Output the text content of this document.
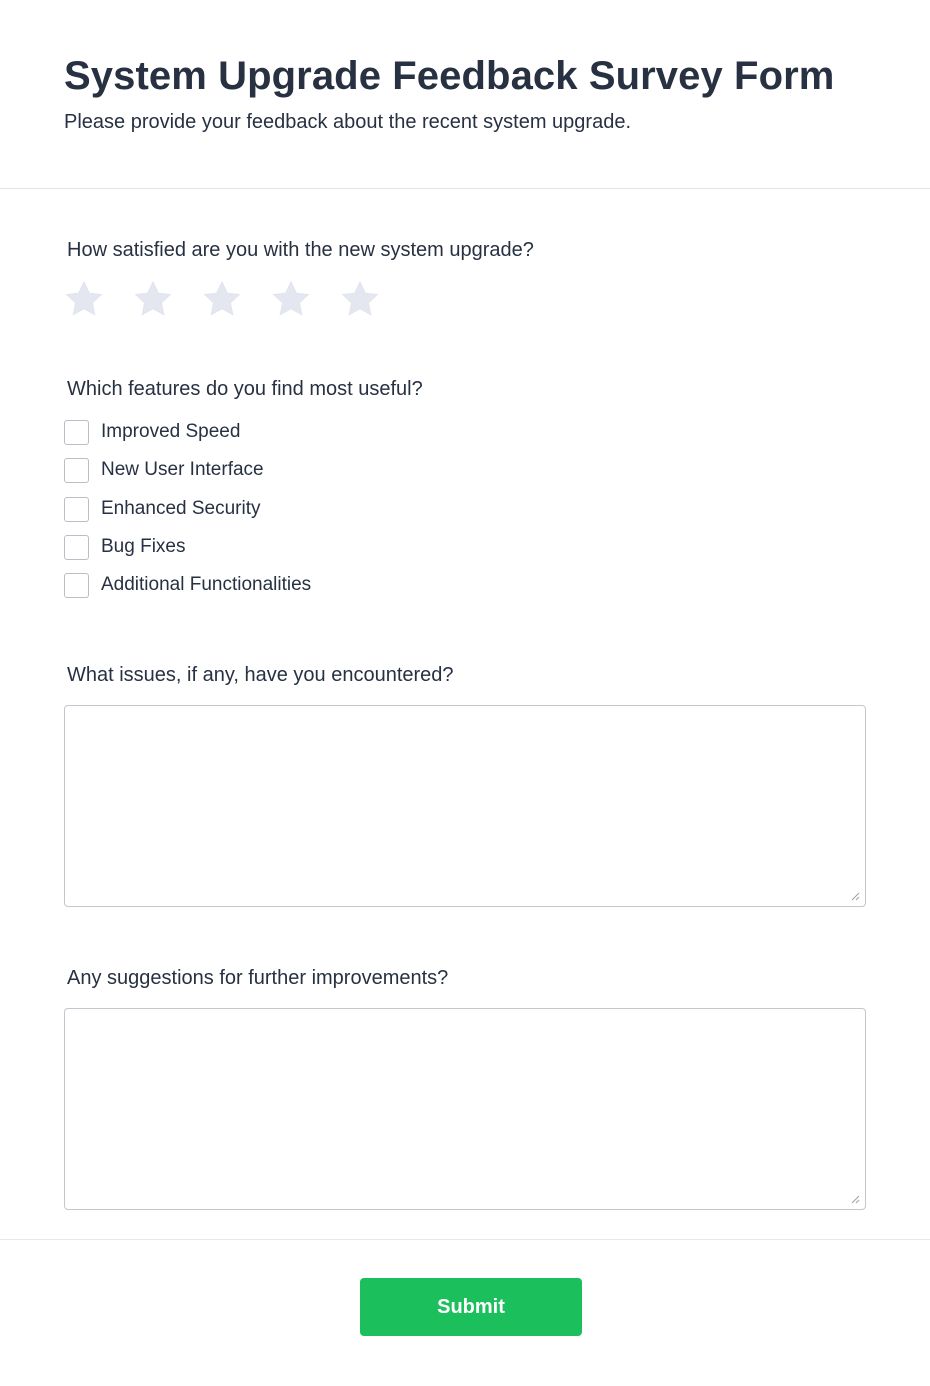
System Upgrade Feedback Survey Form

Please provide your feedback about the recent system upgrade.

How satisfied are you with the new system upgrade?
Which features do you find most useful?
Improved Speed
New User Interface
Enhanced Security
Bug Fixes
Additional Functionalities
What issues, if any, have you encountered?
Any suggestions for further improvements?
Submit
